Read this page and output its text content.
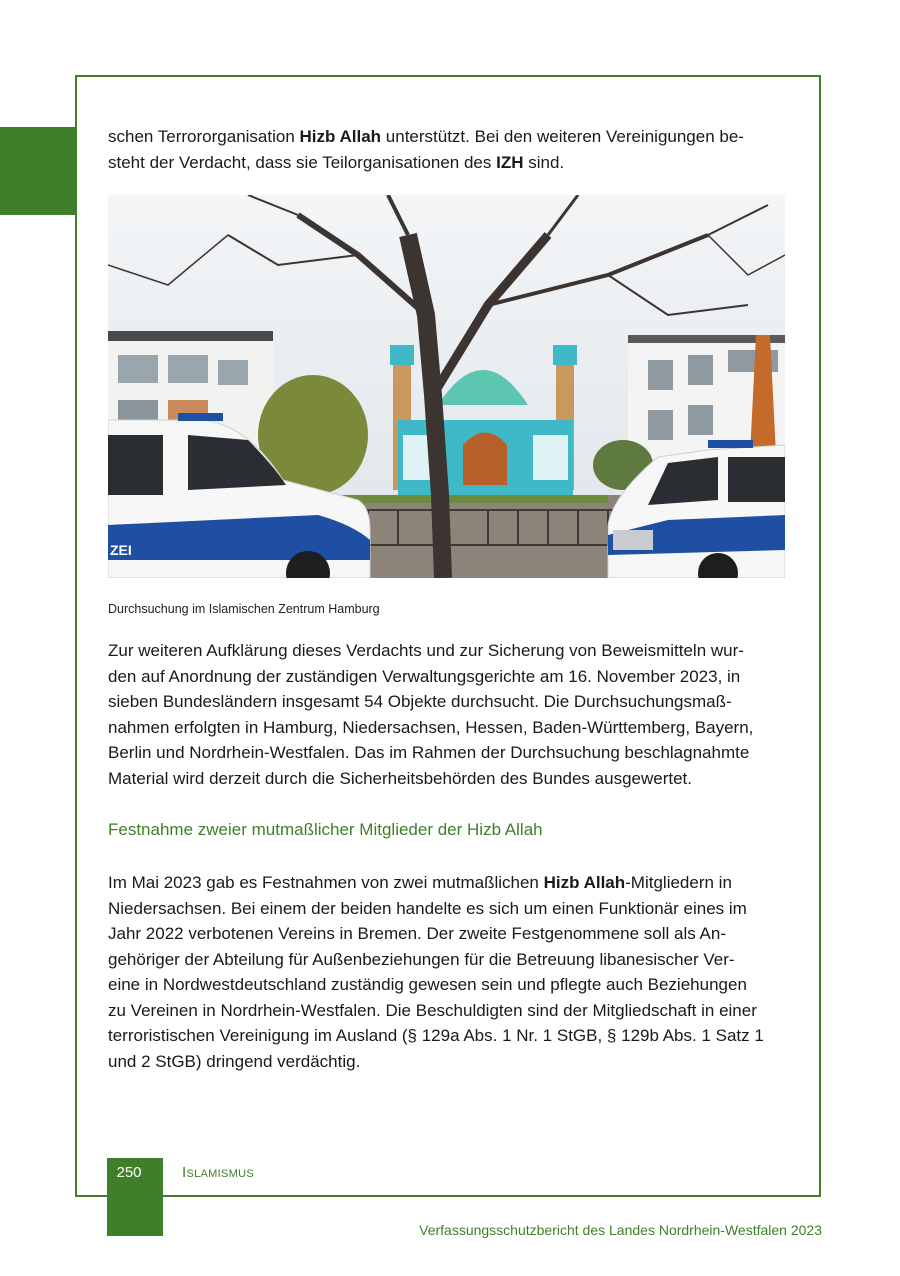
schen Terrororganisation Hizb Allah unterstützt. Bei den weiteren Vereinigungen be-

steht der Verdacht, dass sie Teilorganisationen des IZH sind.

ZEI
Durchsuchung im Islamischen Zentrum Hamburg

Zur weiteren Aufklärung dieses Verdachts und zur Sicherung von Beweismitteln wur-

den auf Anordnung der zuständigen Verwaltungsgerichte am 16. November 2023, in

sieben Bundesländern insgesamt 54 Objekte durchsucht. Die Durchsuchungsmaß-

nahmen erfolgten in Hamburg, Niedersachsen, Hessen, Baden-Württemberg, Bayern,

Berlin und Nordrhein-Westfalen. Das im Rahmen der Durchsuchung beschlagnahmte

Material wird derzeit durch die Sicherheitsbehörden des Bundes ausgewertet.

Festnahme zweier mutmaßlicher Mitglieder der Hizb Allah

Im Mai 2023 gab es Festnahmen von zwei mutmaßlichen Hizb Allah-Mitgliedern in

Niedersachsen. Bei einem der beiden handelte es sich um einen Funktionär eines im

Jahr 2022 verbotenen Vereins in Bremen. Der zweite Festgenommene soll als An-

gehöriger der Abteilung für Außenbeziehungen für die Betreuung libanesischer Ver-

eine in Nordwestdeutschland zuständig gewesen sein und pflegte auch Beziehungen

zu Vereinen in Nordrhein-Westfalen. Die Beschuldigten sind der Mitgliedschaft in einer

terroristischen Vereinigung im Ausland (§ 129a Abs. 1 Nr. 1 StGB, § 129b Abs. 1 Satz 1

und 2 StGB) dringend verdächtig.

250	Islamismus
Verfassungsschutzbericht des Landes Nordrhein-Westfalen 2023
